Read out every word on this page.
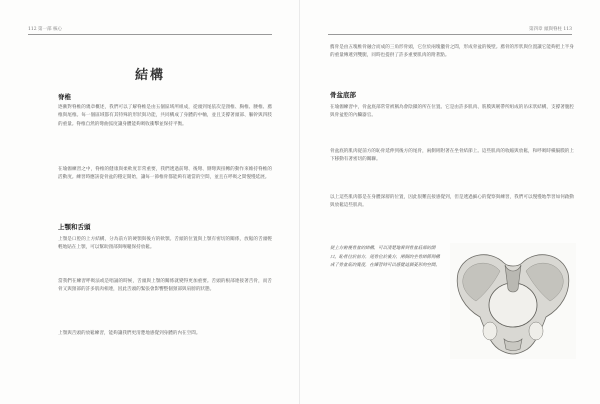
112 第一部 核心
結構
脊椎

逐漸對脊椎的幾章概述，我們可以了解脊椎是由五個區域所組成，從頭到尾依次是頸椎、胸椎、腰椎、薦椎與尾椎。每一個區域都有其特殊的形狀與功能，共同構成了身體的中軸，並且支撐著頭部、軀幹與四肢的重量。脊椎自然的彎曲弧度讓身體能夠吸收衝擊並保持平衡。

在瑜伽練習之中，脊椎的健康與柔軟度非常重要，我們透過前彎、後彎、側彎與扭轉的動作來維持脊椎的活動度。練習時應該從骨盆的穩定開始，讓每一節椎骨都能夠有適當的空間，並且在呼吸之間慢慢延展。

上顎和舌頭

上顎是口腔的上方結構，分為前方的硬顎與後方的軟顎。舌頭的位置與上顎有密切的關係，放鬆的舌頭輕輕地貼在上顎，可以幫助頸部與喉嚨保持放鬆。

當我們在練習呼吸法或是唱誦的時候，舌頭與上顎的關係就變得更加重要。舌頭的根部連接著舌骨，而舌骨又與頸部的許多肌肉相連，因此舌頭的緊張會影響整個頸部與肩膀的狀態。

上顎與舌頭的放鬆練習，能夠讓我們更清楚地感覺到身體的內在空間。

第四章 頭與脊柱 113

薦骨是由五塊椎骨融合而成的三角形骨頭，它位於兩塊髖骨之間，形成骨盆的後壁。薦骨的形狀與位置讓它能夠把上半身的重量傳遞到雙腿，同時也提供了許多重要肌肉的附著點。

骨盆底部

在瑜伽練習中，骨盆底部常常被稱為會陰鎖的所在位置。它是由許多肌肉、筋膜與韌帶所組成的吊床狀結構，支撐著腹腔與骨盆腔的內臟器官。

骨盆底的肌肉從前方的恥骨延伸到後方的尾骨，兩側則附著在坐骨結節上。這些肌肉的收縮與放鬆，和呼吸時橫膈膜的上下移動有著密切的關聯。

以上這些肌肉都是在身體深層的位置，因此很難直接感覺到，但是透過細心的覺察與練習，我們可以慢慢地學習如何啟動與放鬆這些肌肉。

從上方俯視骨盆的結構，可以清楚地看到骨盆底部的開口。恥骨位於前方，尾骨位於後方，兩側的坐骨結節則構成了骨盆底的寬度，在練習時可以感覺這個菱形的空間。
